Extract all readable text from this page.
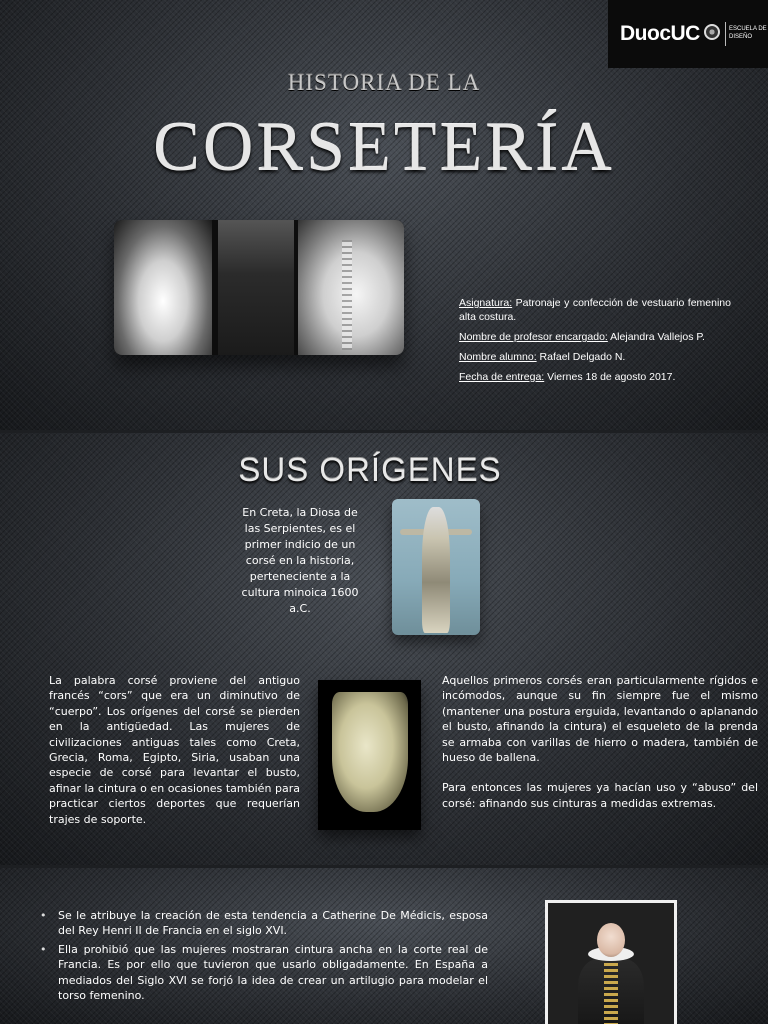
DuocUC	ESCUELA DE DISEÑO
HISTORIA DE LA
CORSETERÍA

Asignatura: Patronaje y confección de vestuario femenino alta costura.

Nombre de profesor encargado: Alejandra Vallejos P.

Nombre alumno: Rafael Delgado N.

Fecha de entrega: Viernes 18 de agosto 2017.

SUS ORÍGENES
En Creta, la Diosa de las Serpientes, es el primer indicio de un corsé en la historia, perteneciente a la cultura minoica 1600 a.C.
La palabra corsé proviene del antiguo francés “cors” que era un diminutivo de “cuerpo”. Los orígenes del corsé se pierden en la antigüedad. Las mujeres de civilizaciones antiguas tales como Creta, Grecia, Roma, Egipto, Siria, usaban una especie de corsé para levantar el busto, afinar la cintura o en ocasiones también para practicar ciertos deportes que requerían trajes de soporte.

Aquellos primeros corsés eran particularmente rígidos e incómodos, aunque su fin siempre fue el mismo (mantener una postura erguida, levantando o aplanando el busto, afinando la cintura) el esqueleto de la prenda se armaba con varillas de hierro o madera, también de hueso de ballena.

Para entonces las mujeres ya hacían uso y “abuso” del corsé: afinando sus cinturas a medidas extremas.

• Se le atribuye la creación de esta tendencia a Catherine De Médicis, esposa del Rey Henri II de Francia en el siglo XVI.
• Ella prohibió que las mujeres mostraran cintura ancha en la corte real de Francia. Es por ello que tuvieron que usarlo obligadamente. En España a mediados del Siglo XVI se forjó la idea de crear un artilugio para modelar el torso femenino.
